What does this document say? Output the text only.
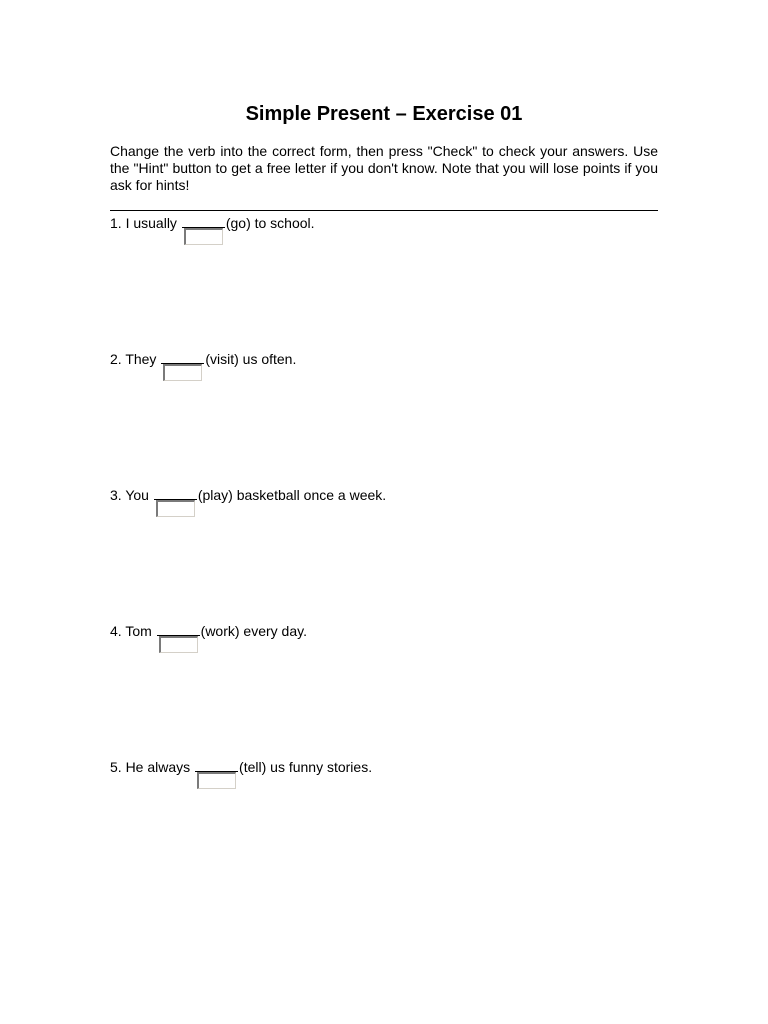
Simple Present – Exercise 01
Change the verb into the correct form, then press "Check" to check your answers. Use the "Hint" button to get a free letter if you don't know. Note that you will lose points if you ask for hints!
1. I usually	(go) to school.
2. They	(visit) us often.
3. You	(play) basketball once a week.
4. Tom	(work) every day.
5. He always	(tell) us funny stories.
